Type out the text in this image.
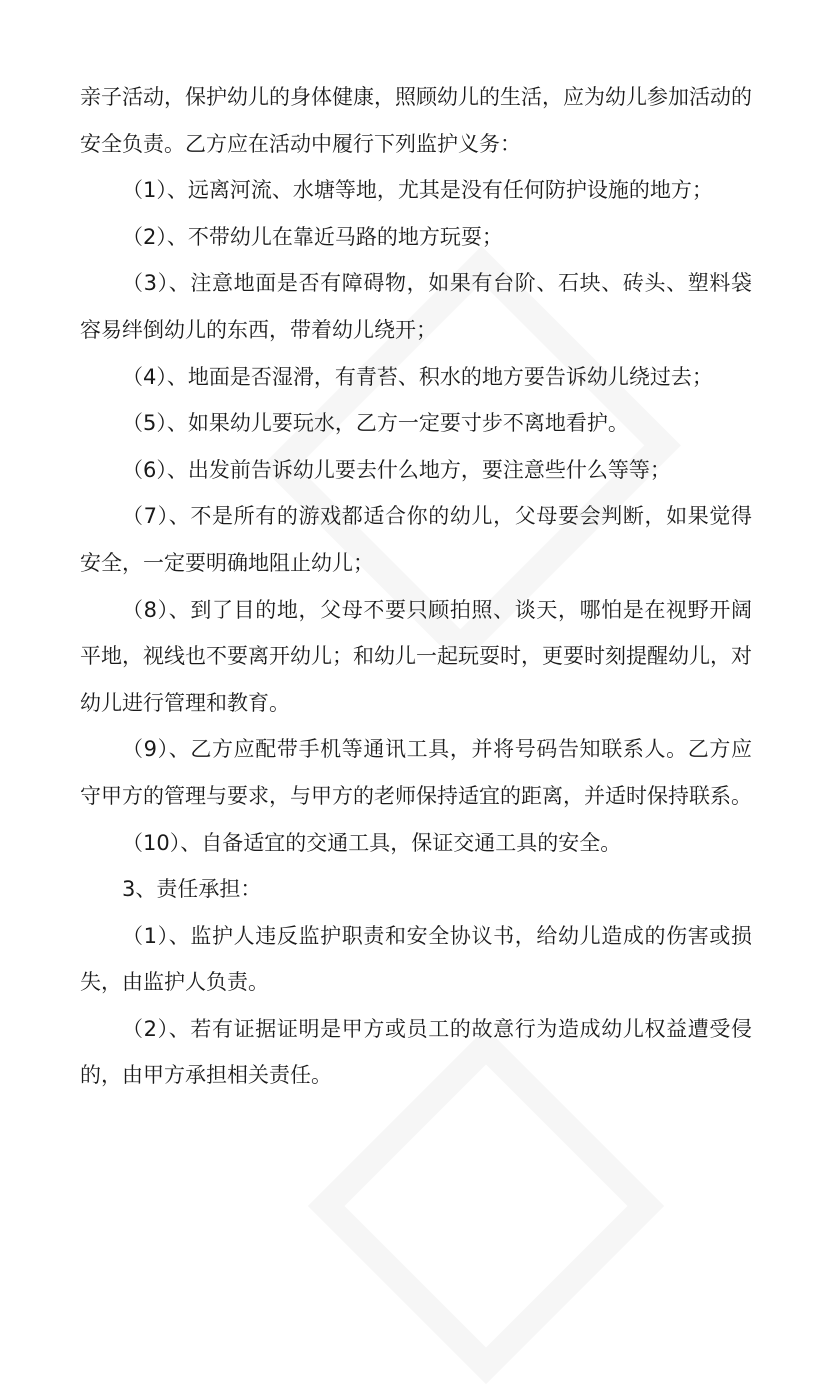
亲子活动，保护幼儿的身体健康，照顾幼儿的生活，应为幼儿参加活动的
安全负责。乙方应在活动中履行下列监护义务：
（1）、远离河流、水塘等地，尤其是没有任何防护设施的地方；
（2）、不带幼儿在靠近马路的地方玩耍；
（3）、注意地面是否有障碍物，如果有台阶、石块、砖头、塑料袋
容易绊倒幼儿的东西，带着幼儿绕开；
（4）、地面是否湿滑，有青苔、积水的地方要告诉幼儿绕过去；
（5）、如果幼儿要玩水，乙方一定要寸步不离地看护。
（6）、出发前告诉幼儿要去什么地方，要注意些什么等等；
（7）、不是所有的游戏都适合你的幼儿，父母要会判断，如果觉得
安全，一定要明确地阻止幼儿；
（8）、到了目的地，父母不要只顾拍照、谈天，哪怕是在视野开阔
平地，视线也不要离开幼儿；和幼儿一起玩耍时，更要时刻提醒幼儿，对
幼儿进行管理和教育。
（9）、乙方应配带手机等通讯工具，并将号码告知联系人。乙方应
守甲方的管理与要求，与甲方的老师保持适宜的距离，并适时保持联系。
（10）、自备适宜的交通工具，保证交通工具的安全。
3、责任承担：
（1）、监护人违反监护职责和安全协议书，给幼儿造成的伤害或损
失，由监护人负责。
（2）、若有证据证明是甲方或员工的故意行为造成幼儿权益遭受侵
的，由甲方承担相关责任。
